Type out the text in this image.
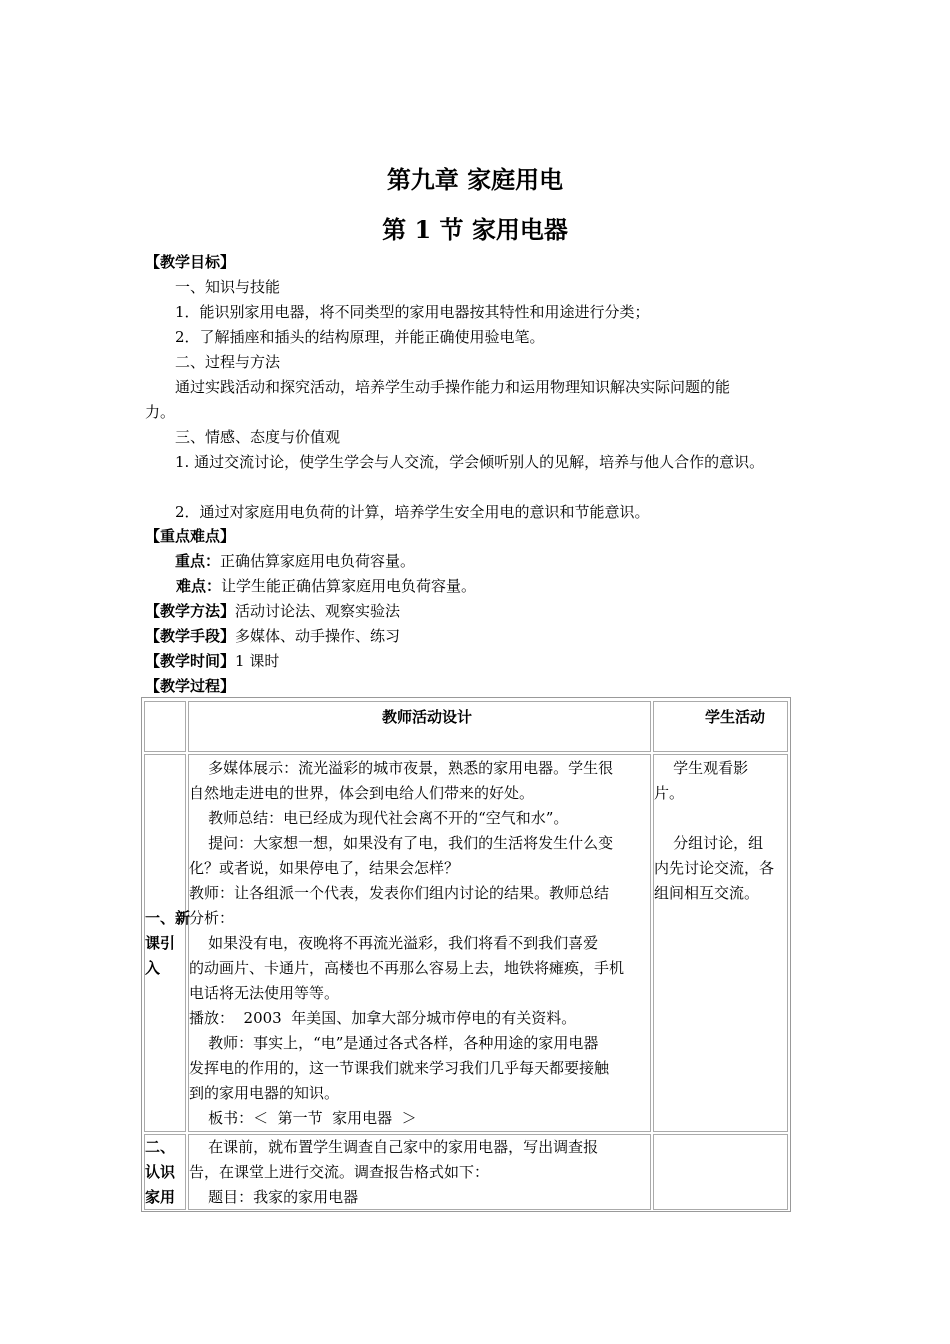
第九章 家庭用电
第 1 节 家用电器
【教学目标】
一、知识与技能
1．能识别家用电器，将不同类型的家用电器按其特性和用途进行分类；
2．了解插座和插头的结构原理，并能正确使用验电笔。
二、过程与方法
通过实践活动和探究活动，培养学生动手操作能力和运用物理知识解决实际问题的能
力。
三、情感、态度与价值观
1. 通过交流讨论，使学生学会与人交流，学会倾听别人的见解，培养与他人合作的意识。
2．通过对家庭用电负荷的计算，培养学生安全用电的意识和节能意识。
【重点难点】
重点：正确估算家庭用电负荷容量。
难点：让学生能正确估算家庭用电负荷容量。
【教学方法】活动讨论法、观察实验法
【教学手段】多媒体、动手操作、练习
【教学时间】1 课时
【教学过程】
教师活动设计	学生活动
一、新
课引
入
多媒体展示：流光溢彩的城市夜景，熟悉的家用电器。学生很
自然地走进电的世界，体会到电给人们带来的好处。
教师总结：电已经成为现代社会离不开的“空气和水”。
提问：大家想一想，如果没有了电，我们的生活将发生什么变
化？或者说，如果停电了，结果会怎样？
教师：让各组派一个代表，发表你们组内讨论的结果。教师总结
分析：
如果没有电，夜晚将不再流光溢彩，我们将看不到我们喜爱
的动画片、卡通片，高楼也不再那么容易上去，地铁将瘫痪，手机
电话将无法使用等等。
播放：  2003  年美国、加拿大部分城市停电的有关资料。
教师：事实上，“电”是通过各式各样，各种用途的家用电器
发挥电的作用的，这一节课我们就来学习我们几乎每天都要接触
到的家用电器的知识。
板书：＜  第一节  家用电器  ＞
学生观看影
片。

分组讨论，组
内先讨论交流，各
组间相互交流。
二、
认识
家用
在课前，就布置学生调查自己家中的家用电器，写出调查报
告，在课堂上进行交流。调查报告格式如下：
题目：我家的家用电器
